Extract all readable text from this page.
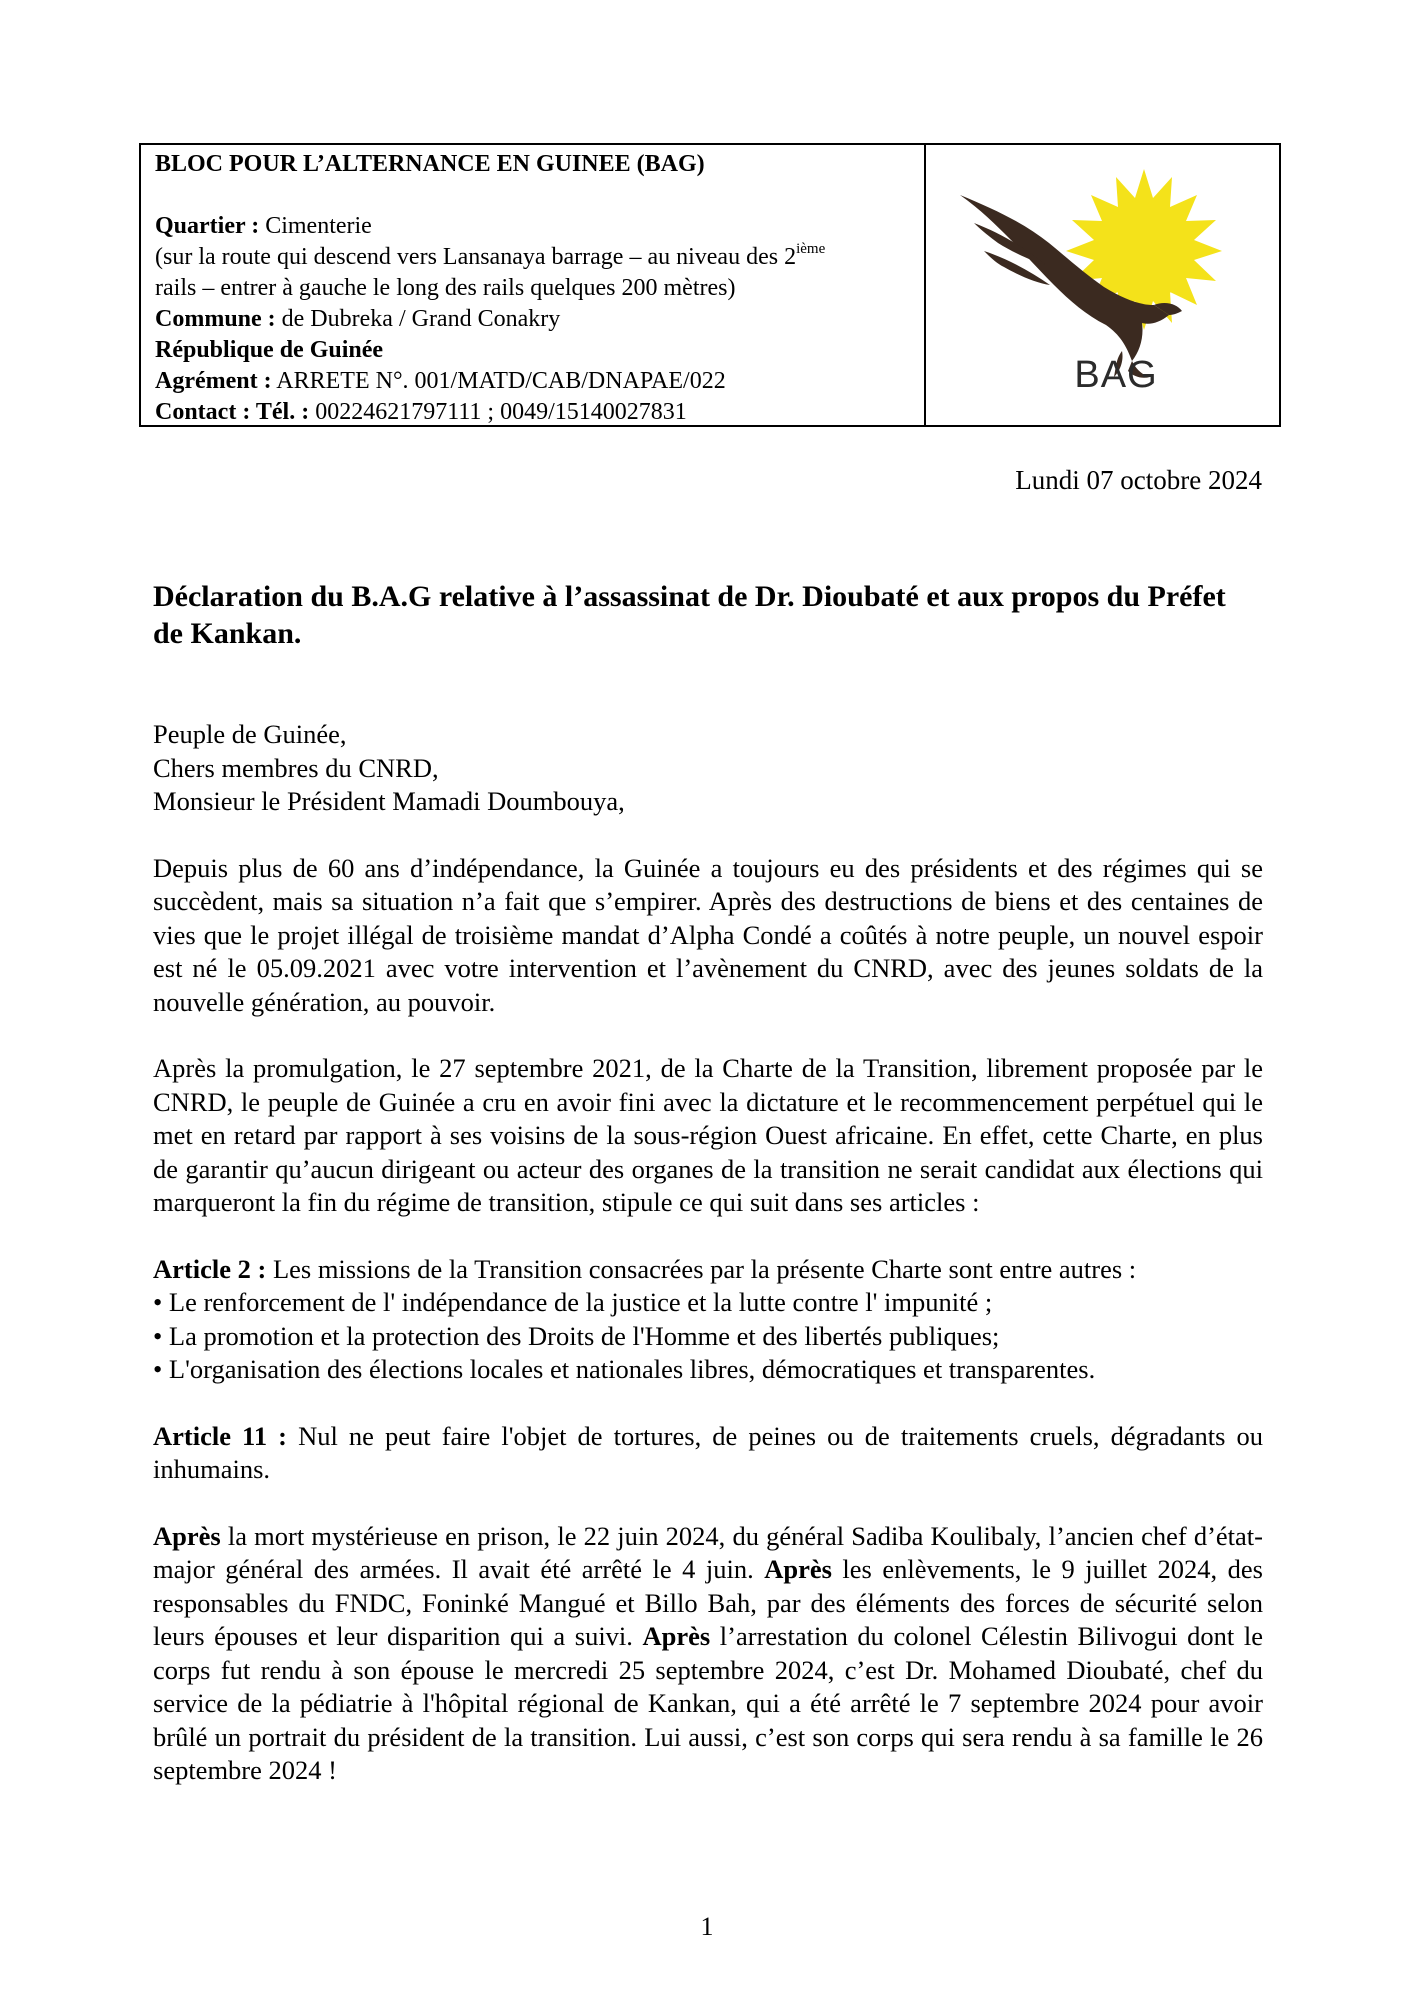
BLOC POUR L’ALTERNANCE EN GUINEE (BAG)
Quartier : Cimenterie
(sur la route qui descend vers Lansanaya barrage – au niveau des 2ième
rails – entrer à gauche le long des rails quelques 200 mètres)
Commune : de Dubreka / Grand Conakry
République de Guinée
Agrément : ARRETE N°. 001/MATD/CAB/DNAPAE/022
Contact : Tél. : 00224621797111 ; 0049/15140027831
BAG
Lundi 07 octobre 2024
Déclaration du B.A.G relative à l’assassinat de Dr. Dioubaté et aux propos du Préfet de Kankan.

Peuple de Guinée,

Chers membres du CNRD,

Monsieur le Président Mamadi Doumbouya,

Depuis plus de 60 ans d’indépendance, la Guinée a toujours eu des présidents et des régimes qui se succèdent, mais sa situation n’a fait que s’empirer. Après des destructions de biens et des centaines de vies que le projet illégal de troisième mandat d’Alpha Condé a coûtés à notre peuple, un nouvel espoir est né le 05.09.2021 avec votre intervention et l’avènement du CNRD, avec des jeunes soldats de la nouvelle génération, au pouvoir.

Après la promulgation, le 27 septembre 2021, de la Charte de la Transition, librement proposée par le CNRD, le peuple de Guinée a cru en avoir fini avec la dictature et le recommencement perpétuel qui le met en retard par rapport à ses voisins de la sous-région Ouest africaine. En effet, cette Charte, en plus de garantir qu’aucun dirigeant ou acteur des organes de la transition ne serait candidat aux élections qui marqueront la fin du régime de transition, stipule ce qui suit dans ses articles :

Article 2 : Les missions de la Transition consacrées par la présente Charte sont entre autres :

• Le renforcement de l' indépendance de la justice et la lutte contre l' impunité ;
• La promotion et la protection des Droits de l'Homme et des libertés publiques;
• L'organisation des élections locales et nationales libres, démocratiques et transparentes.

Article 11 : Nul ne peut faire l'objet de tortures, de peines ou de traitements cruels, dégradants ou inhumains.

Après la mort mystérieuse en prison, le 22 juin 2024, du général Sadiba Koulibaly, l’ancien chef d’état-major général des armées. Il avait été arrêté le 4 juin. Après les enlèvements, le 9 juillet 2024, des responsables du FNDC, Foninké Mangué et Billo Bah, par des éléments des forces de sécurité selon leurs épouses et leur disparition qui a suivi. Après l’arrestation du colonel Célestin Bilivogui dont le corps fut rendu à son épouse le mercredi 25 septembre 2024, c’est Dr. Mohamed Dioubaté, chef du service de la pédiatrie à l'hôpital régional de Kankan, qui a été arrêté le 7 septembre 2024 pour avoir brûlé un portrait du président de la transition. Lui aussi, c’est son corps qui sera rendu à sa famille le 26 septembre 2024 !

1
